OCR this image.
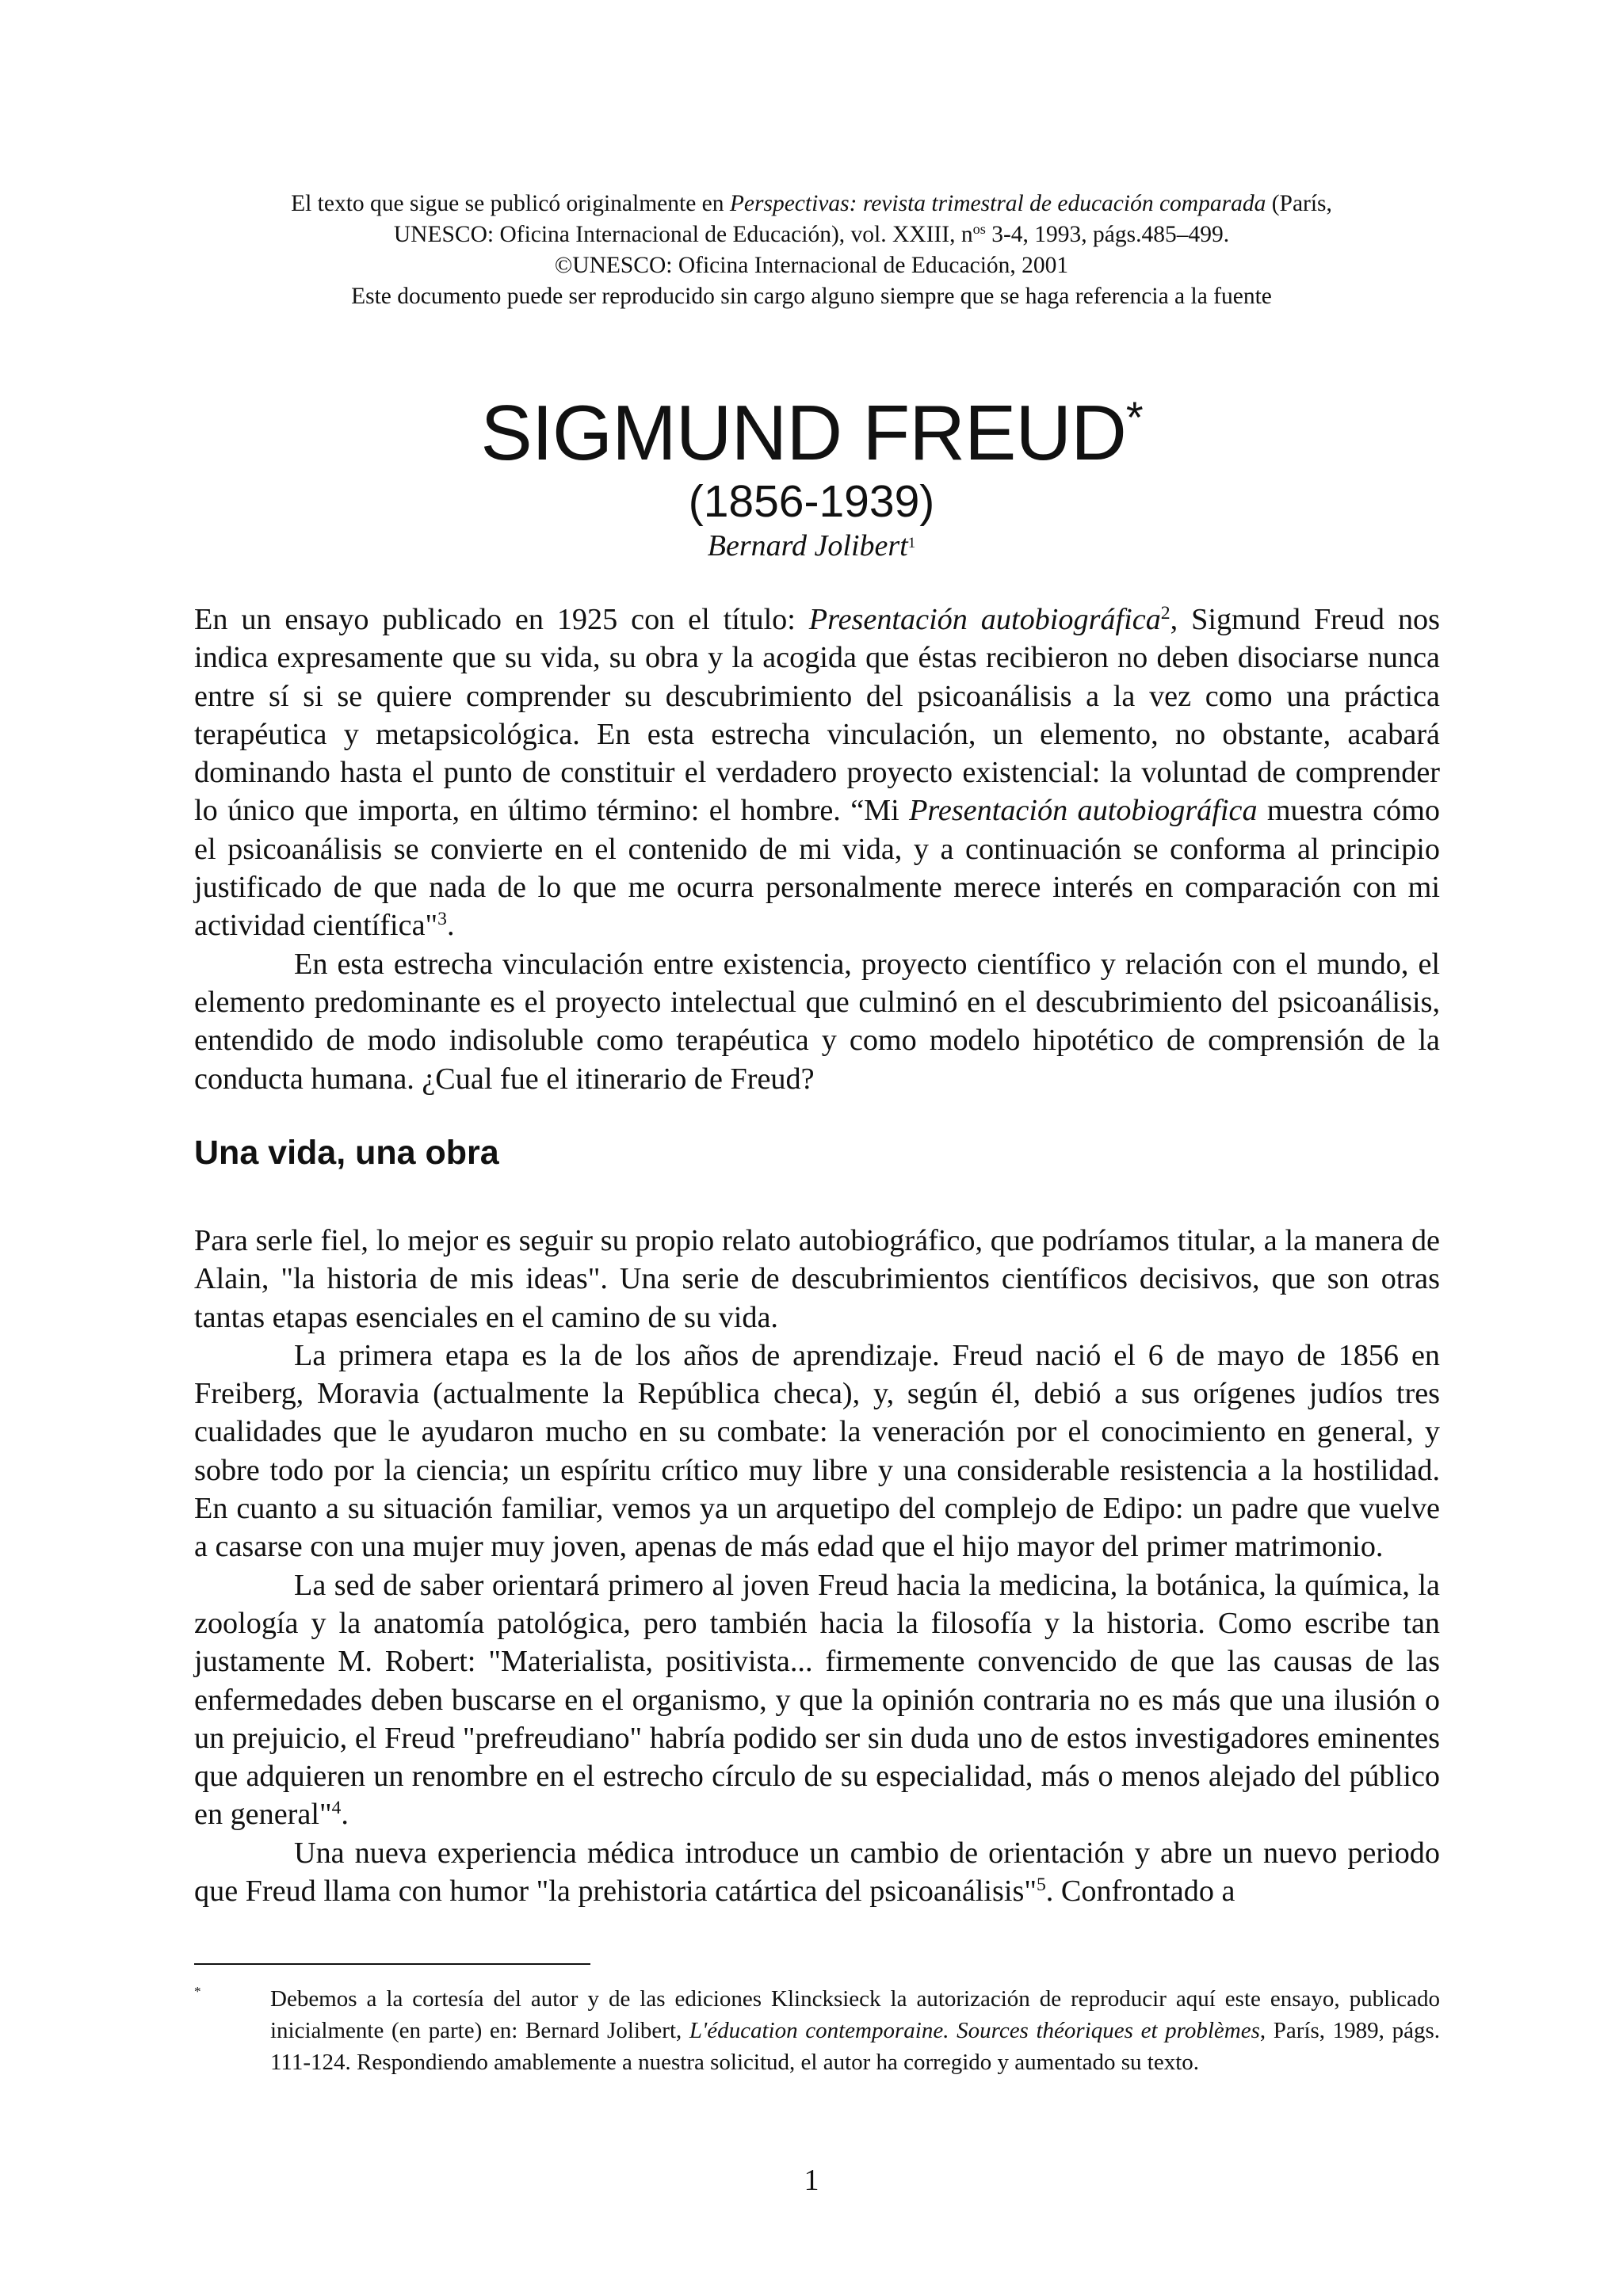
El texto que sigue se publicó originalmente en Perspectivas: revista trimestral de educación comparada (París,
UNESCO: Oficina Internacional de Educación), vol. XXIII, $n^{os}$ 3-4, 1993, págs.485–499.
©UNESCO: Oficina Internacional de Educación, 2001
Este documento puede ser reproducido sin cargo alguno siempre que se haga referencia a la fuente
SIGMUND FREUD*
(1856-1939)
Bernard Jolibert$^1$

En un ensayo publicado en 1925 con el título: Presentación autobiográfica$^2$, Sigmund Freud nos indica expresamente que su vida, su obra y la acogida que éstas recibieron no deben disociarse nunca entre sí si se quiere comprender su descubrimiento del psicoanálisis a la vez como una práctica terapéutica y metapsicológica. En esta estrecha vinculación, un elemento, no obstante, acabará dominando hasta el punto de constituir el verdadero proyecto existencial: la voluntad de comprender lo único que importa, en último término: el hombre. “Mi Presentación autobiográfica muestra cómo el psicoanálisis se convierte en el contenido de mi vida, y a continuación se conforma al principio justificado de que nada de lo que me ocurra personalmente merece interés en comparación con mi actividad científica"$^3$.

En esta estrecha vinculación entre existencia, proyecto científico y relación con el mundo, el elemento predominante es el proyecto intelectual que culminó en el descubrimiento del psicoanálisis, entendido de modo indisoluble como terapéutica y como modelo hipotético de comprensión de la conducta humana. ¿Cual fue el itinerario de Freud?

Una vida, una obra

Para serle fiel, lo mejor es seguir su propio relato autobiográfico, que podríamos titular, a la manera de Alain, "la historia de mis ideas". Una serie de descubrimientos científicos decisivos, que son otras tantas etapas esenciales en el camino de su vida.

La primera etapa es la de los años de aprendizaje. Freud nació el 6 de mayo de 1856 en Freiberg, Moravia (actualmente la República checa), y, según él, debió a sus orígenes judíos tres cualidades que le ayudaron mucho en su combate: la veneración por el conocimiento en general, y sobre todo por la ciencia; un espíritu crítico muy libre y una considerable resistencia a la hostilidad. En cuanto a su situación familiar, vemos ya un arquetipo del complejo de Edipo: un padre que vuelve a casarse con una mujer muy joven, apenas de más edad que el hijo mayor del primer matrimonio.

La sed de saber orientará primero al joven Freud hacia la medicina, la botánica, la química, la zoología y la anatomía patológica, pero también hacia la filosofía y la historia. Como escribe tan justamente M. Robert: "Materialista, positivista... firmemente convencido de que las causas de las enfermedades deben buscarse en el organismo, y que la opinión contraria no es más que una ilusión o un prejuicio, el Freud "prefreudiano" habría podido ser sin duda uno de estos investigadores eminentes que adquieren un renombre en el estrecho círculo de su especialidad, más o menos alejado del público en general"$^4$.

Una nueva experiencia médica introduce un cambio de orientación y abre un nuevo periodo que Freud llama con humor "la prehistoria catártica del psicoanálisis"$^5$. Confrontado a

*	Debemos a la cortesía del autor y de las ediciones Klincksieck la autorización de reproducir aquí este ensayo, publicado inicialmente (en parte) en: Bernard Jolibert, L'éducation contemporaine. Sources théoriques et problèmes, París, 1989, págs. 111-124. Respondiendo amablemente a nuestra solicitud, el autor ha corregido y aumentado su texto.
1
